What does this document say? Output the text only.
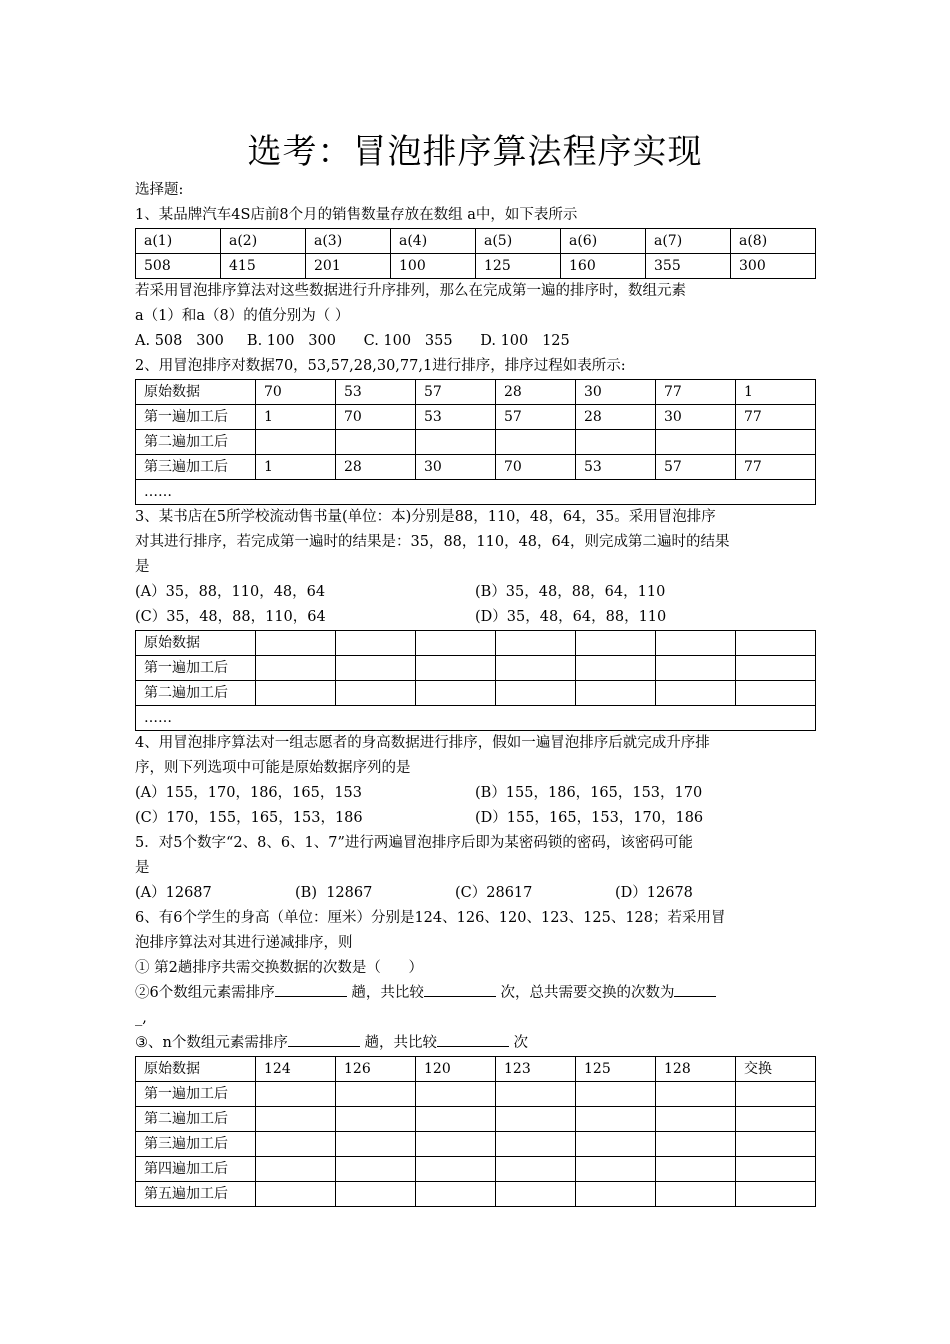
选考：冒泡排序算法程序实现
选择题:
1、某品牌汽车4S店前8个月的销售数量存放在数组 a中，如下表所示
a(1)	a(2)	a(3)	a(4)	a(5)	a(6)	a(7)	a(8)
508	415	201	100	125	160	355	300
若采用冒泡排序算法对这些数据进行升序排列，那么在完成第一遍的排序时，数组元素
a（1）和a（8）的值分别为（ ）
A. 508   300     B. 100   300      C. 100   355      D. 100   125
2、用冒泡排序对数据70，53,57,28,30,77,1进行排序，排序过程如表所示:
原始数据	70	53	57	28	30	77	1
第一遍加工后	1	70	53	57	28	30	77
第二遍加工后							
第三遍加工后	1	28	30	70	53	57	77
……							
3、某书店在5所学校流动售书量(单位：本)分别是88，110，48，64，35。采用冒泡排序
对其进行排序，若完成第一遍时的结果是：35，88，110，48，64，则完成第二遍时的结果
是
(A）35，88，110，48，64	(B）35，48，88，64，110
(C）35，48，88，110，64	(D）35，48，64，88，110
原始数据							
第一遍加工后							
第二遍加工后							
……							
4、用冒泡排序算法对一组志愿者的身高数据进行排序，假如一遍冒泡排序后就完成升序排
序，则下列选项中可能是原始数据序列的是
(A）155，170，186，165，153	(B）155，186，165，153，170
(C）170，155，165，153，186	(D）155，165，153，170，186
5．对5个数字“2、8、6、1、7”进行两遍冒泡排序后即为某密码锁的密码，该密码可能
是
(A）12687	(B)  12867	(C）28617	(D）12678
6、有6个学生的身高（单位：厘米）分别是124、126、120、123、125、128；若采用冒
泡排序算法对其进行递减排序，则
① 第2趟排序共需交换数据的次数是（      ）
②6个数组元素需排序	趟，共比较	次，总共需要交换的次数为
_,
③、n个数组元素需排序	趟，共比较	次
原始数据	124	126	120	123	125	128	交换
第一遍加工后							
第二遍加工后							
第三遍加工后							
第四遍加工后							
第五遍加工后							
